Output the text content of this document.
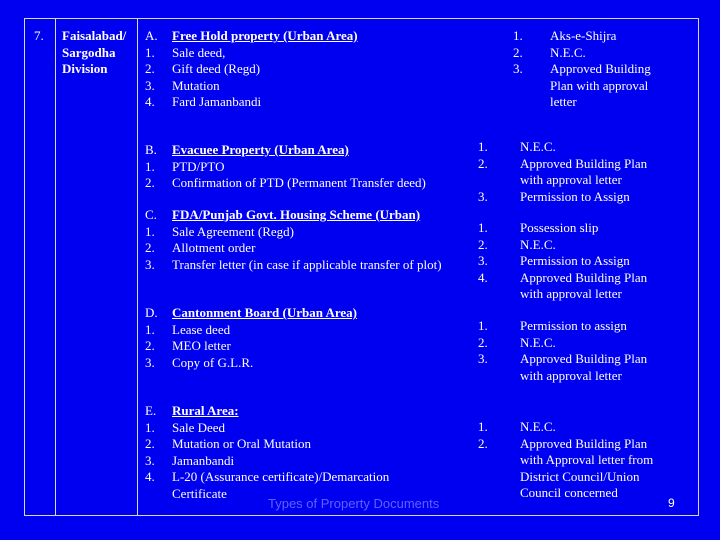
7. Faisalabad/
Sargodha
Division
A. Free Hold property (Urban Area)
1. Sale deed,
2. Gift deed (Regd)
3. Mutation
4. Fard Jamanbandi
1.
2.
3.
Aks-e-Shijra
N.E.C.
Approved Building
Plan with approval
letter
B. Evacuee Property (Urban Area)
1. PTD/PTO
2. Confirmation of PTD (Permanent Transfer deed)
1.
2.
3.
N.E.C.
Approved Building Plan
with approval letter
Permission to Assign
C. FDA/Punjab Govt. Housing Scheme (Urban)
1. Sale Agreement (Regd)
2. Allotment order
3. Transfer letter (in case if applicable transfer of plot)
1.
2.
3.
4.
Possession slip
N.E.C.
Permission to Assign
Approved Building Plan
with approval letter
D. Cantonment Board (Urban Area)
1. Lease deed
2. MEO letter
3. Copy of G.L.R.
1.
2.
3.
Permission to assign
N.E.C.
Approved Building Plan
with approval letter
E. Rural Area:
1. Sale Deed
2. Mutation or Oral Mutation
3. Jamanbandi
4. L-20 (Assurance certificate)/Demarcation
Certificate
1.
2.
N.E.C.
Approved Building Plan
with Approval letter from
District Council/Union
Council concerned
Types of Property Documents	9
